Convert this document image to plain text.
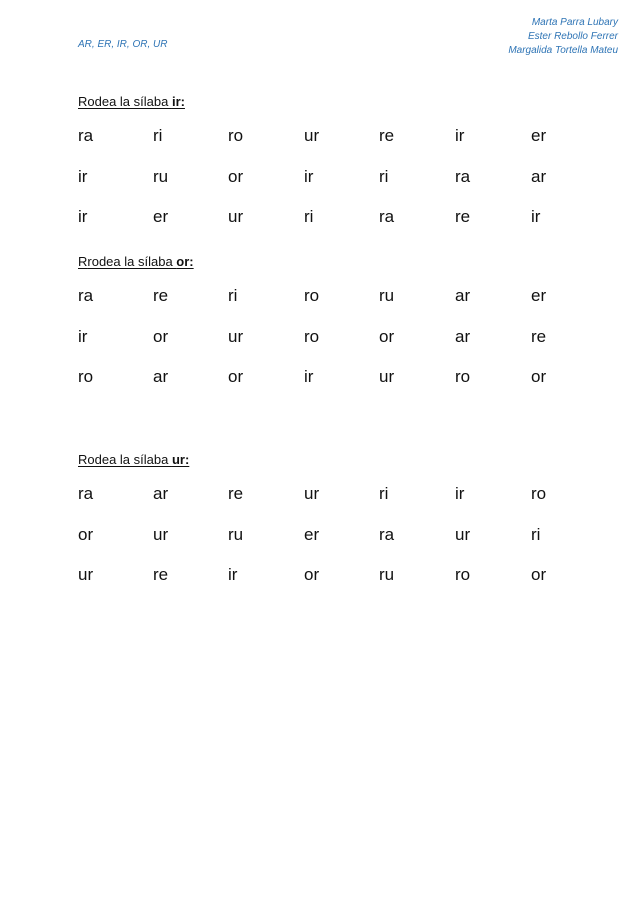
AR, ER, IR, OR, UR
Marta Parra Lubary
Ester Rebollo Ferrer
Margalida Tortella Mateu
Rodea la sílaba ir:
ra	ri	ro	ur	re	ir	er
ir	ru	or	ir	ri	ra	ar
ir	er	ur	ri	ra	re	ir
Rrodea la sílaba or:
ra	re	ri	ro	ru	ar	er
ir	or	ur	ro	or	ar	re
ro	ar	or	ir	ur	ro	or
Rodea la sílaba ur:
ra	ar	re	ur	ri	ir	ro
or	ur	ru	er	ra	ur	ri
ur	re	ir	or	ru	ro	or
